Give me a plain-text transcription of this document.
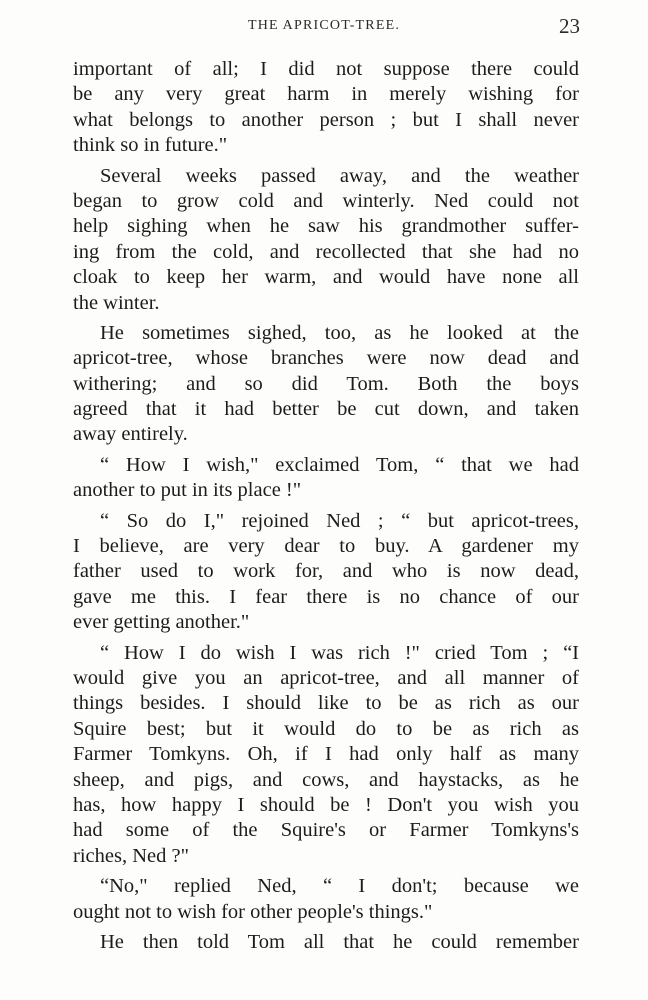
THE APRICOT-TREE.	23
important of all; I did not suppose there could
be any very great harm in merely wishing for
what belongs to another person ; but I shall never
think so in future."
Several weeks passed away, and the weather
began to grow cold and winterly. Ned could not
help sighing when he saw his grandmother suffer-
ing from the cold, and recollected that she had no
cloak to keep her warm, and would have none all
the winter.
He sometimes sighed, too, as he looked at the
apricot-tree, whose branches were now dead and
withering; and so did Tom. Both the boys
agreed that it had better be cut down, and taken
away entirely.
“ How I wish," exclaimed Tom, “ that we had
another to put in its place !"
“ So do I," rejoined Ned ; “ but apricot-trees,
I believe, are very dear to buy. A gardener my
father used to work for, and who is now dead,
gave me this. I fear there is no chance of our
ever getting another."
“ How I do wish I was rich !" cried Tom ; “I
would give you an apricot-tree, and all manner of
things besides. I should like to be as rich as our
Squire best; but it would do to be as rich as
Farmer Tomkyns. Oh, if I had only half as many
sheep, and pigs, and cows, and haystacks, as he
has, how happy I should be ! Don't you wish you
had some of the Squire's or Farmer Tomkyns's
riches, Ned ?"
“No," replied Ned, “ I don't; because we
ought not to wish for other people's things."
He then told Tom all that he could remember
